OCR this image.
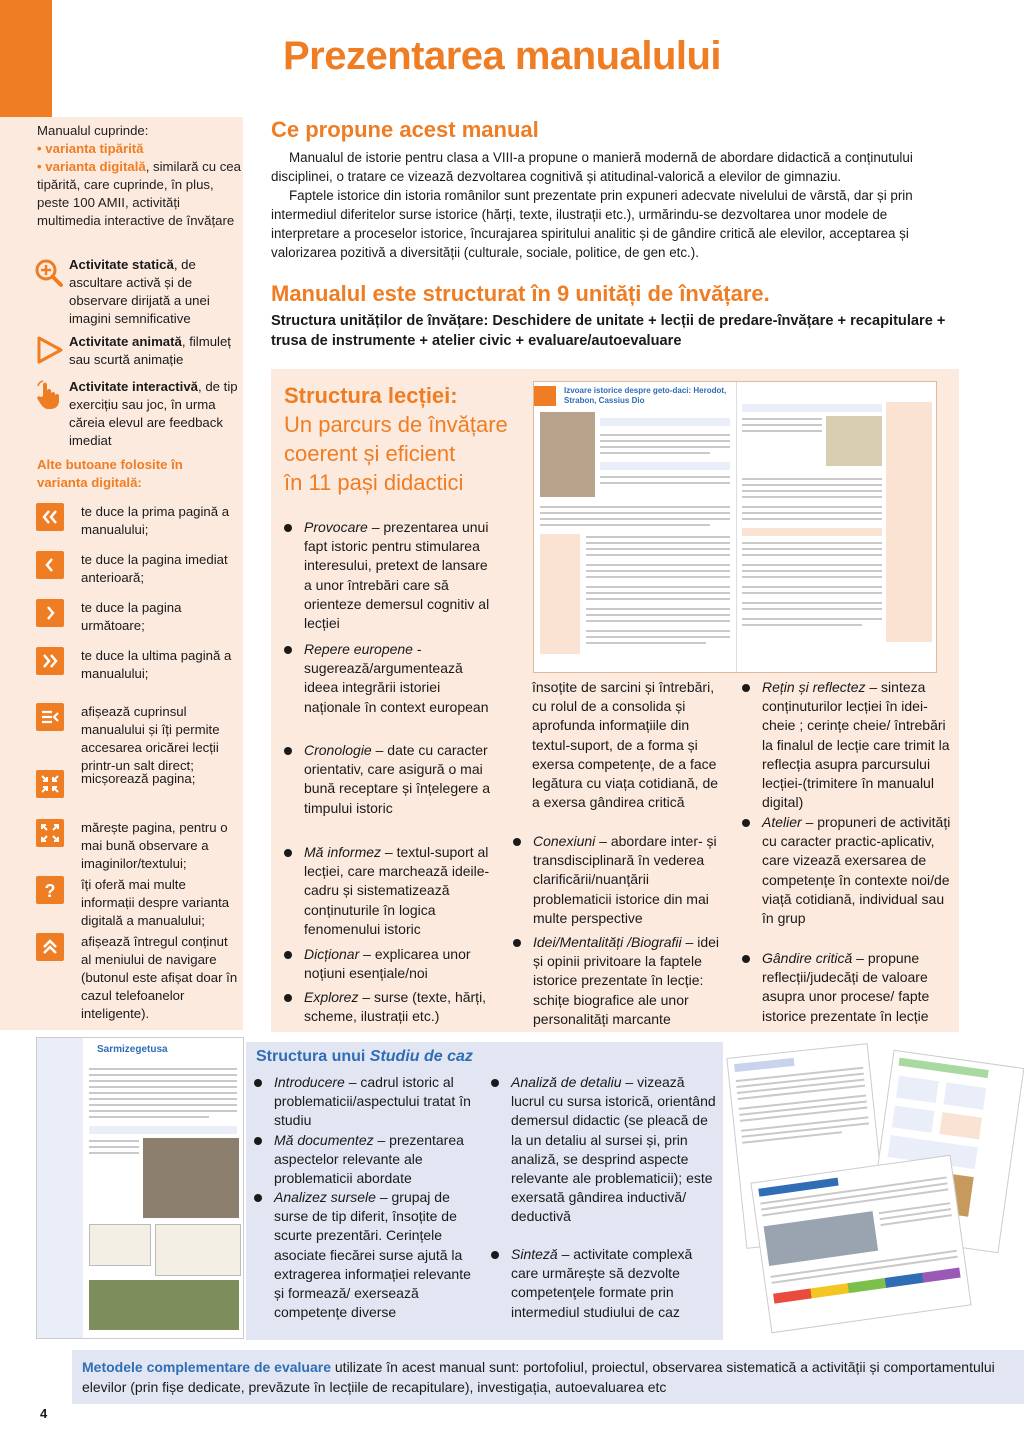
Prezentarea manualului
Manualul cuprinde:
• varianta tipărită
• varianta digitală, similară cu cea tipărită, care cuprinde, în plus, peste 100 AMII, activități multimedia interactive de învățare
Activitate statică, de ascultare activă și de observare dirijată a unei imagini semnificative
Activitate animată, filmuleț sau scurtă animație
Activitate interactivă, de tip exercițiu sau joc, în urma căreia elevul are feedback imediat
Alte butoane folosite în varianta digitală:
te duce la prima pagină a manualului;
te duce la pagina imediat anterioară;
te duce la pagina următoare;
te duce la ultima pagină a manualului;
afișează cuprinsul manualului și îți permite accesarea oricărei lecții printr-un salt direct;
micșorează pagina;
mărește pagina, pentru o mai bună observare a imaginilor/textului;
? îți oferă mai multe informații despre varianta digitală a manualului;
afișează întregul conținut al meniului de navigare (butonul este afișat doar în cazul telefoanelor inteligente).
Ce propune acest manual

Manualul de istorie pentru clasa a VIII-a propune o manieră modernă de abordare didactică a conținutului disciplinei, o tratare ce vizează dezvoltarea cognitivă și atitudinal-valorică a elevilor de gimnaziu.

Faptele istorice din istoria românilor sunt prezentate prin expuneri adecvate nivelului de vârstă, dar și prin intermediul diferitelor surse istorice (hărți, texte, ilustrații etc.), urmărindu-se dezvoltarea unor modele de interpretare a proceselor istorice, încurajarea spiritului analitic și de gândire critică ale elevilor, acceptarea și valorizarea pozitivă a diversității (culturale, sociale, politice, de gen etc.).

Manualul este structurat în 9 unități de învățare.
Structura unităților de învățare: Deschidere de unitate + lecții de predare-învățare + recapitulare + trusa de instrumente + atelier civic + evaluare/autoevaluare
Structura lecției:
Un parcurs de învățare
coerent și eficient
în 11 pași didactici
Izvoare istorice despre geto-daci: Herodot, Strabon, Cassius Dio
Provocare – prezentarea unui fapt istoric pentru stimularea interesului, pretext de lansare a unor întrebări care să orienteze demersul cognitiv al lecției
Repere europene - sugerează/argumentează ideea integrării istoriei naționale în context european
Cronologie – date cu caracter orientativ, care asigură o mai bună receptare și înțelegere a timpului istoric
Mă informez – textul-suport al lecției, care marchează ideile-cadru și sistematizează conținuturile în logica fenomenului istoric
Dicționar – explicarea unor noțiuni esențiale/noi
Explorez – surse (texte, hărți, scheme, ilustrații etc.)
însoțite de sarcini și întrebări, cu rolul de a consolida și aprofunda informațiile din textul-suport, de a forma și exersa competențe, de a face legătura cu viața cotidiană, de a exersa gândirea critică
Conexiuni – abordare inter- și transdisciplinară în vederea clarificării/nuanțării problematicii istorice din mai multe perspective
Idei/Mentalități /Biografii – idei și opinii privitoare la faptele istorice prezentate în lecție: schițe biografice ale unor personalități marcante
Rețin și reflectez – sinteza conținuturilor lecției în idei-cheie ; cerințe cheie/ întrebări la finalul de lecție care trimit la reflecția asupra parcursului lecției-(trimitere în manualul digital)
Atelier – propuneri de activități cu caracter practic-aplicativ, care vizează exersarea de competențe în contexte noi/de viață cotidiană, individual sau în grup
Gândire critică – propune reflecții/judecăți de valoare asupra unor procese/ fapte istorice prezentate în lecție
Sarmizegetusa	Structura unui Studiu de caz
Introducere – cadrul istoric al problematicii/aspectului tratat în studiu
Mă documentez – prezentarea aspectelor relevante ale problematicii abordate
Analizez sursele – grupaj de surse de tip diferit, însoțite de scurte prezentări. Cerințele asociate fiecărei surse ajută la extragerea informației relevante și formează/ exersează competențe diverse
Analiză de detaliu – vizează lucrul cu sursa istorică, orientând demersul didactic (se pleacă de la un detaliu al sursei și, prin analiză, se desprind aspecte relevante ale problematicii); este exersată gândirea inductivă/ deductivă
Sinteză – activitate complexă care urmărește să dezvolte competențele formate prin intermediul studiului de caz
Metodele complementare de evaluare utilizate în acest manual sunt: portofoliul, proiectul, observarea sistematică a activității și comportamentului elevilor (prin fișe dedicate, prevăzute în lecțiile de recapitulare), investigația, autoevaluarea etc
4
